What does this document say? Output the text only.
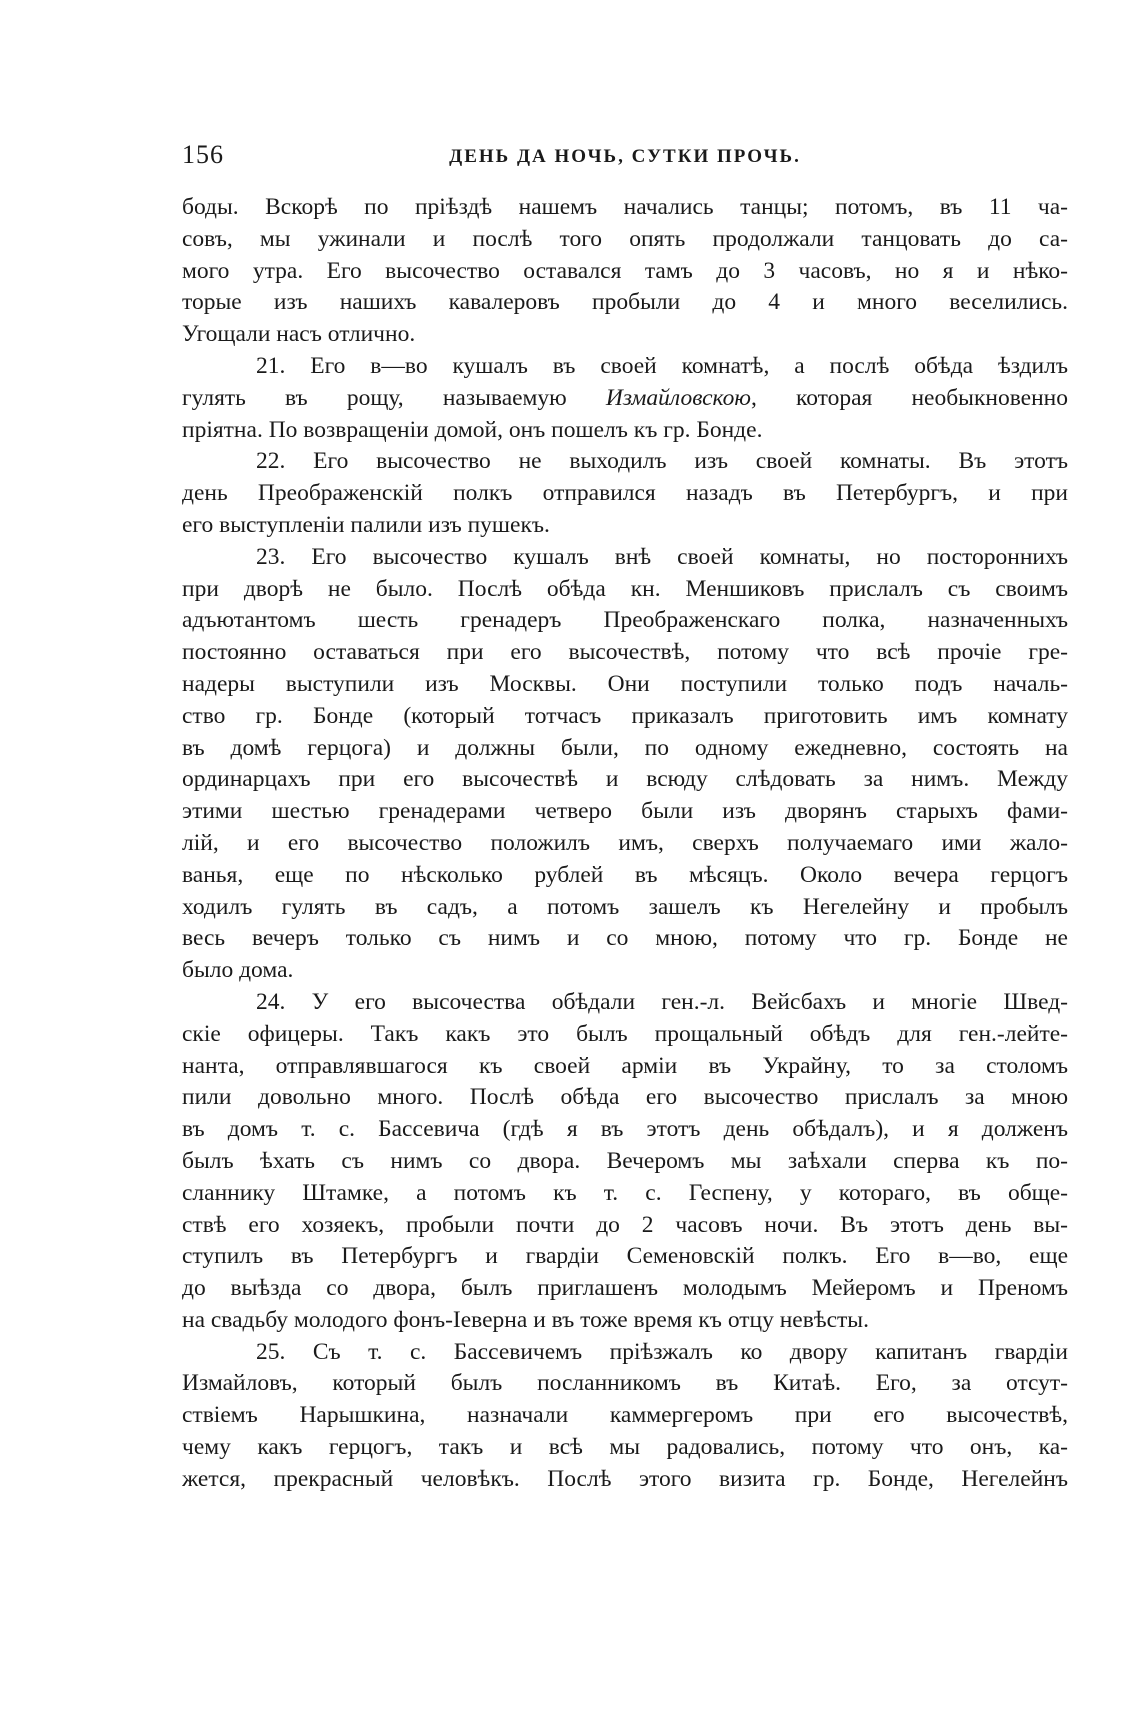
156	ДЕНЬ ДА НОЧЬ, СУТКИ ПРОЧЬ.
боды. Вскорѣ по пріѣздѣ нашемъ начались танцы; потомъ, въ 11 ча-
совъ, мы ужинали и послѣ того опять продолжали танцовать до са-
мого утра. Его высочество оставался тамъ до 3 часовъ, но я и нѣко-
торые изъ нашихъ кавалеровъ пробыли до 4 и много веселились.
Угощали насъ отлично.
21. Его в—во кушалъ въ своей комнатѣ, а послѣ обѣда ѣздилъ
гулять въ рощу, называемую Измайловскою, которая необыкновенно
пріятна. По возвращеніи домой, онъ пошелъ къ гр. Бонде.
22. Его высочество не выходилъ изъ своей комнаты. Въ этотъ
день Преображенскій полкъ отправился назадъ въ Петербургъ, и при
его выступленіи палили изъ пушекъ.
23. Его высочество кушалъ внѣ своей комнаты, но постороннихъ
при дворѣ не было. Послѣ обѣда кн. Меншиковъ прислалъ съ своимъ
адъютантомъ шесть гренадеръ Преображенскаго полка, назначенныхъ
постоянно оставаться при его высочествѣ, потому что всѣ прочіе гре-
надеры выступили изъ Москвы. Они поступили только подъ началь-
ство гр. Бонде (который тотчасъ приказалъ приготовить имъ комнату
въ домѣ герцога) и должны были, по одному ежедневно, состоять на
ординарцахъ при его высочествѣ и всюду слѣдовать за нимъ. Между
этими шестью гренадерами четверо были изъ дворянъ старыхъ фами-
лій, и его высочество положилъ имъ, сверхъ получаемаго ими жало-
ванья, еще по нѣсколько рублей въ мѣсяцъ. Около вечера герцогъ
ходилъ гулять въ садъ, а потомъ зашелъ къ Негелейну и пробылъ
весь вечеръ только съ нимъ и со мною, потому что гр. Бонде не
было дома.
24. У его высочества обѣдали ген.-л. Вейсбахъ и многіе Швед-
скіе офицеры. Такъ какъ это былъ прощальный обѣдъ для ген.-лейте-
нанта, отправлявшагося къ своей арміи въ Украйну, то за столомъ
пили довольно много. Послѣ обѣда его высочество прислалъ за мною
въ домъ т. с. Бассевича (гдѣ я въ этотъ день обѣдалъ), и я долженъ
былъ ѣхать съ нимъ со двора. Вечеромъ мы заѣхали сперва къ по-
сланнику Штамке, а потомъ къ т. с. Геспену, у котораго, въ обще-
ствѣ его хозяекъ, пробыли почти до 2 часовъ ночи. Въ этотъ день вы-
ступилъ въ Петербургъ и гвардіи Семеновскій полкъ. Его в—во, еще
до выѣзда со двора, былъ приглашенъ молодымъ Мейеромъ и Преномъ
на свадьбу молодого фонъ-Іеверна и въ тоже время къ отцу невѣсты.
25. Съ т. с. Бассевичемъ пріѣзжалъ ко двору капитанъ гвардіи
Измайловъ, который былъ посланникомъ въ Китаѣ. Его, за отсут-
ствіемъ Нарышкина, назначали каммергеромъ при его высочествѣ,
чему какъ герцогъ, такъ и всѣ мы радовались, потому что онъ, ка-
жется, прекрасный человѣкъ. Послѣ этого визита гр. Бонде, Негелейнъ
